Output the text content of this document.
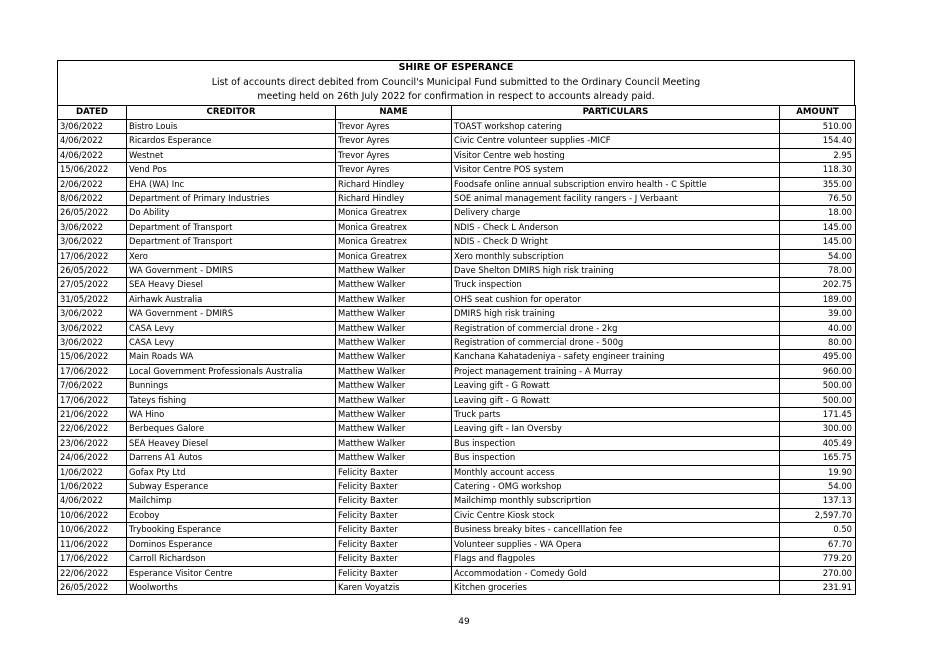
SHIRE OF ESPERANCE
List of accounts direct debited from Council's Municipal Fund submitted to the Ordinary Council Meeting
meeting held on 26th July 2022 for confirmation in respect to accounts already paid.
DATED	CREDITOR	NAME	PARTICULARS	AMOUNT
3/06/2022	Bistro Louis	Trevor Ayres	TOAST workshop catering	510.00
4/06/2022	Ricardos Esperance	Trevor Ayres	Civic Centre volunteer supplies -MICF	154.40
4/06/2022	Westnet	Trevor Ayres	Visitor Centre web hosting	2.95
15/06/2022	Vend Pos	Trevor Ayres	Visitor Centre POS system	118.30
2/06/2022	EHA (WA) Inc	Richard Hindley	Foodsafe online annual subscription enviro health - C Spittle	355.00
8/06/2022	Department of Primary Industries	Richard Hindley	SOE animal management facility rangers - J Verbaant	76.50
26/05/2022	Do Ability	Monica Greatrex	Delivery charge	18.00
3/06/2022	Department of Transport	Monica Greatrex	NDIS - Check L Anderson	145.00
3/06/2022	Department of Transport	Monica Greatrex	NDIS - Check D Wright	145.00
17/06/2022	Xero	Monica Greatrex	Xero monthly subscription	54.00
26/05/2022	WA Government - DMIRS	Matthew Walker	Dave Shelton DMIRS high risk training	78.00
27/05/2022	SEA Heavy Diesel	Matthew Walker	Truck inspection	202.75
31/05/2022	Airhawk Australia	Matthew Walker	OHS seat cushion for operator	189.00
3/06/2022	WA Government - DMIRS	Matthew Walker	DMIRS high risk training	39.00
3/06/2022	CASA Levy	Matthew Walker	Registration of commercial drone - 2kg	40.00
3/06/2022	CASA Levy	Matthew Walker	Registration of commercial drone - 500g	80.00
15/06/2022	Main Roads WA	Matthew Walker	Kanchana Kahatadeniya - safety engineer training	495.00
17/06/2022	Local Government Professionals Australia	Matthew Walker	Project management training - A Murray	960.00
7/06/2022	Bunnings	Matthew Walker	Leaving gift - G Rowatt	500.00
17/06/2022	Tateys fishing	Matthew Walker	Leaving gift - G Rowatt	500.00
21/06/2022	WA Hino	Matthew Walker	Truck parts	171.45
22/06/2022	Berbeques Galore	Matthew Walker	Leaving gift - Ian Oversby	300.00
23/06/2022	SEA Heavey Diesel	Matthew Walker	Bus inspection	405.49
24/06/2022	Darrens A1 Autos	Matthew Walker	Bus inspection	165.75
1/06/2022	Gofax Pty Ltd	Felicity Baxter	Monthly account access	19.90
1/06/2022	Subway Esperance	Felicity Baxter	Catering - OMG workshop	54.00
4/06/2022	Mailchimp	Felicity Baxter	Mailchimp monthly subscriprtion	137.13
10/06/2022	Ecoboy	Felicity Baxter	Civic Centre Kiosk stock	2,597.70
10/06/2022	Trybooking Esperance	Felicity Baxter	Business breaky bites - cancelllation fee	0.50
11/06/2022	Dominos Esperance	Felicity Baxter	Volunteer supplies - WA Opera	67.70
17/06/2022	Carroll Richardson	Felicity Baxter	Flags and flagpoles	779.20
22/06/2022	Esperance Visitor Centre	Felicity Baxter	Accommodation - Comedy Gold	270.00
26/05/2022	Woolworths	Karen Voyatzis	Kitchen groceries	231.91
49
